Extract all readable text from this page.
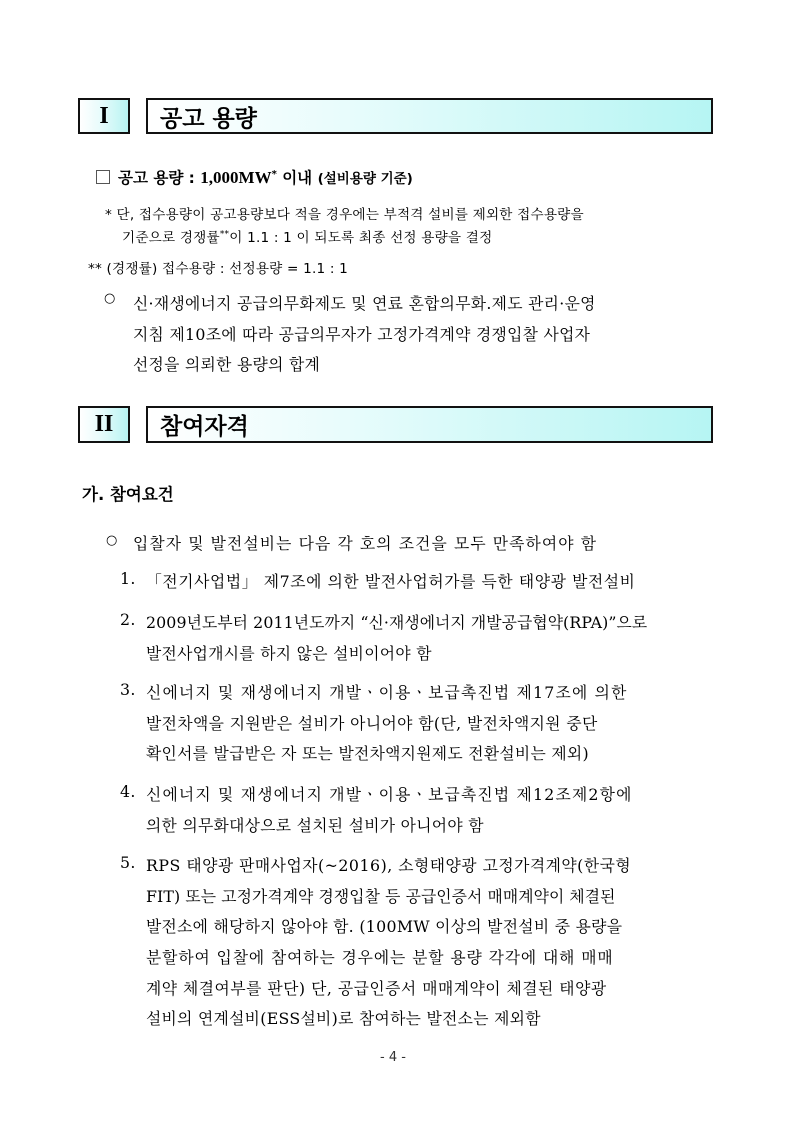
I 공고 용량
공고 용량 : 1,000MW* 이내 (설비용량 기준)
* 단, 접수용량이 공고용량보다 적을 경우에는 부적격 설비를 제외한 접수용량을
기준으로 경쟁률**이 1.1 : 1 이 되도록 최종 선정 용량을 결정
** (경쟁률) 접수용량 : 선정용량 = 1.1 : 1
○ 신·재생에너지 공급의무화제도 및 연료 혼합의무화.제도 관리·운영
지침 제10조에 따라 공급의무자가 고정가격계약 경쟁입찰 사업자
선정을 의뢰한 용량의 합계
II 참여자격
가. 참여요건
○ 입찰자 및 발전설비는 다음 각 호의 조건을 모두 만족하여야 함
1. 「전기사업법」 제7조에 의한 발전사업허가를 득한 태양광 발전설비
2. 2009년도부터 2011년도까지 “신·재생에너지 개발공급협약(RPA)”으로
발전사업개시를 하지 않은 설비이어야 함
3. 신에너지 및 재생에너지 개발ㆍ이용ㆍ보급촉진법 제17조에 의한
발전차액을 지원받은 설비가 아니어야 함(단, 발전차액지원 중단
확인서를 발급받은 자 또는 발전차액지원제도 전환설비는 제외)
4. 신에너지 및 재생에너지 개발ㆍ이용ㆍ보급촉진법 제12조제2항에
의한 의무화대상으로 설치된 설비가 아니어야 함
5. RPS 태양광 판매사업자(~2016), 소형태양광 고정가격계약(한국형
FIT) 또는 고정가격계약 경쟁입찰 등 공급인증서 매매계약이 체결된
발전소에 해당하지 않아야 함. (100MW 이상의 발전설비 중 용량을
분할하여 입찰에 참여하는 경우에는 분할 용량 각각에 대해 매매
계약 체결여부를 판단) 단, 공급인증서 매매계약이 체결된 태양광
설비의 연계설비(ESS설비)로 참여하는 발전소는 제외함
- 4 -
